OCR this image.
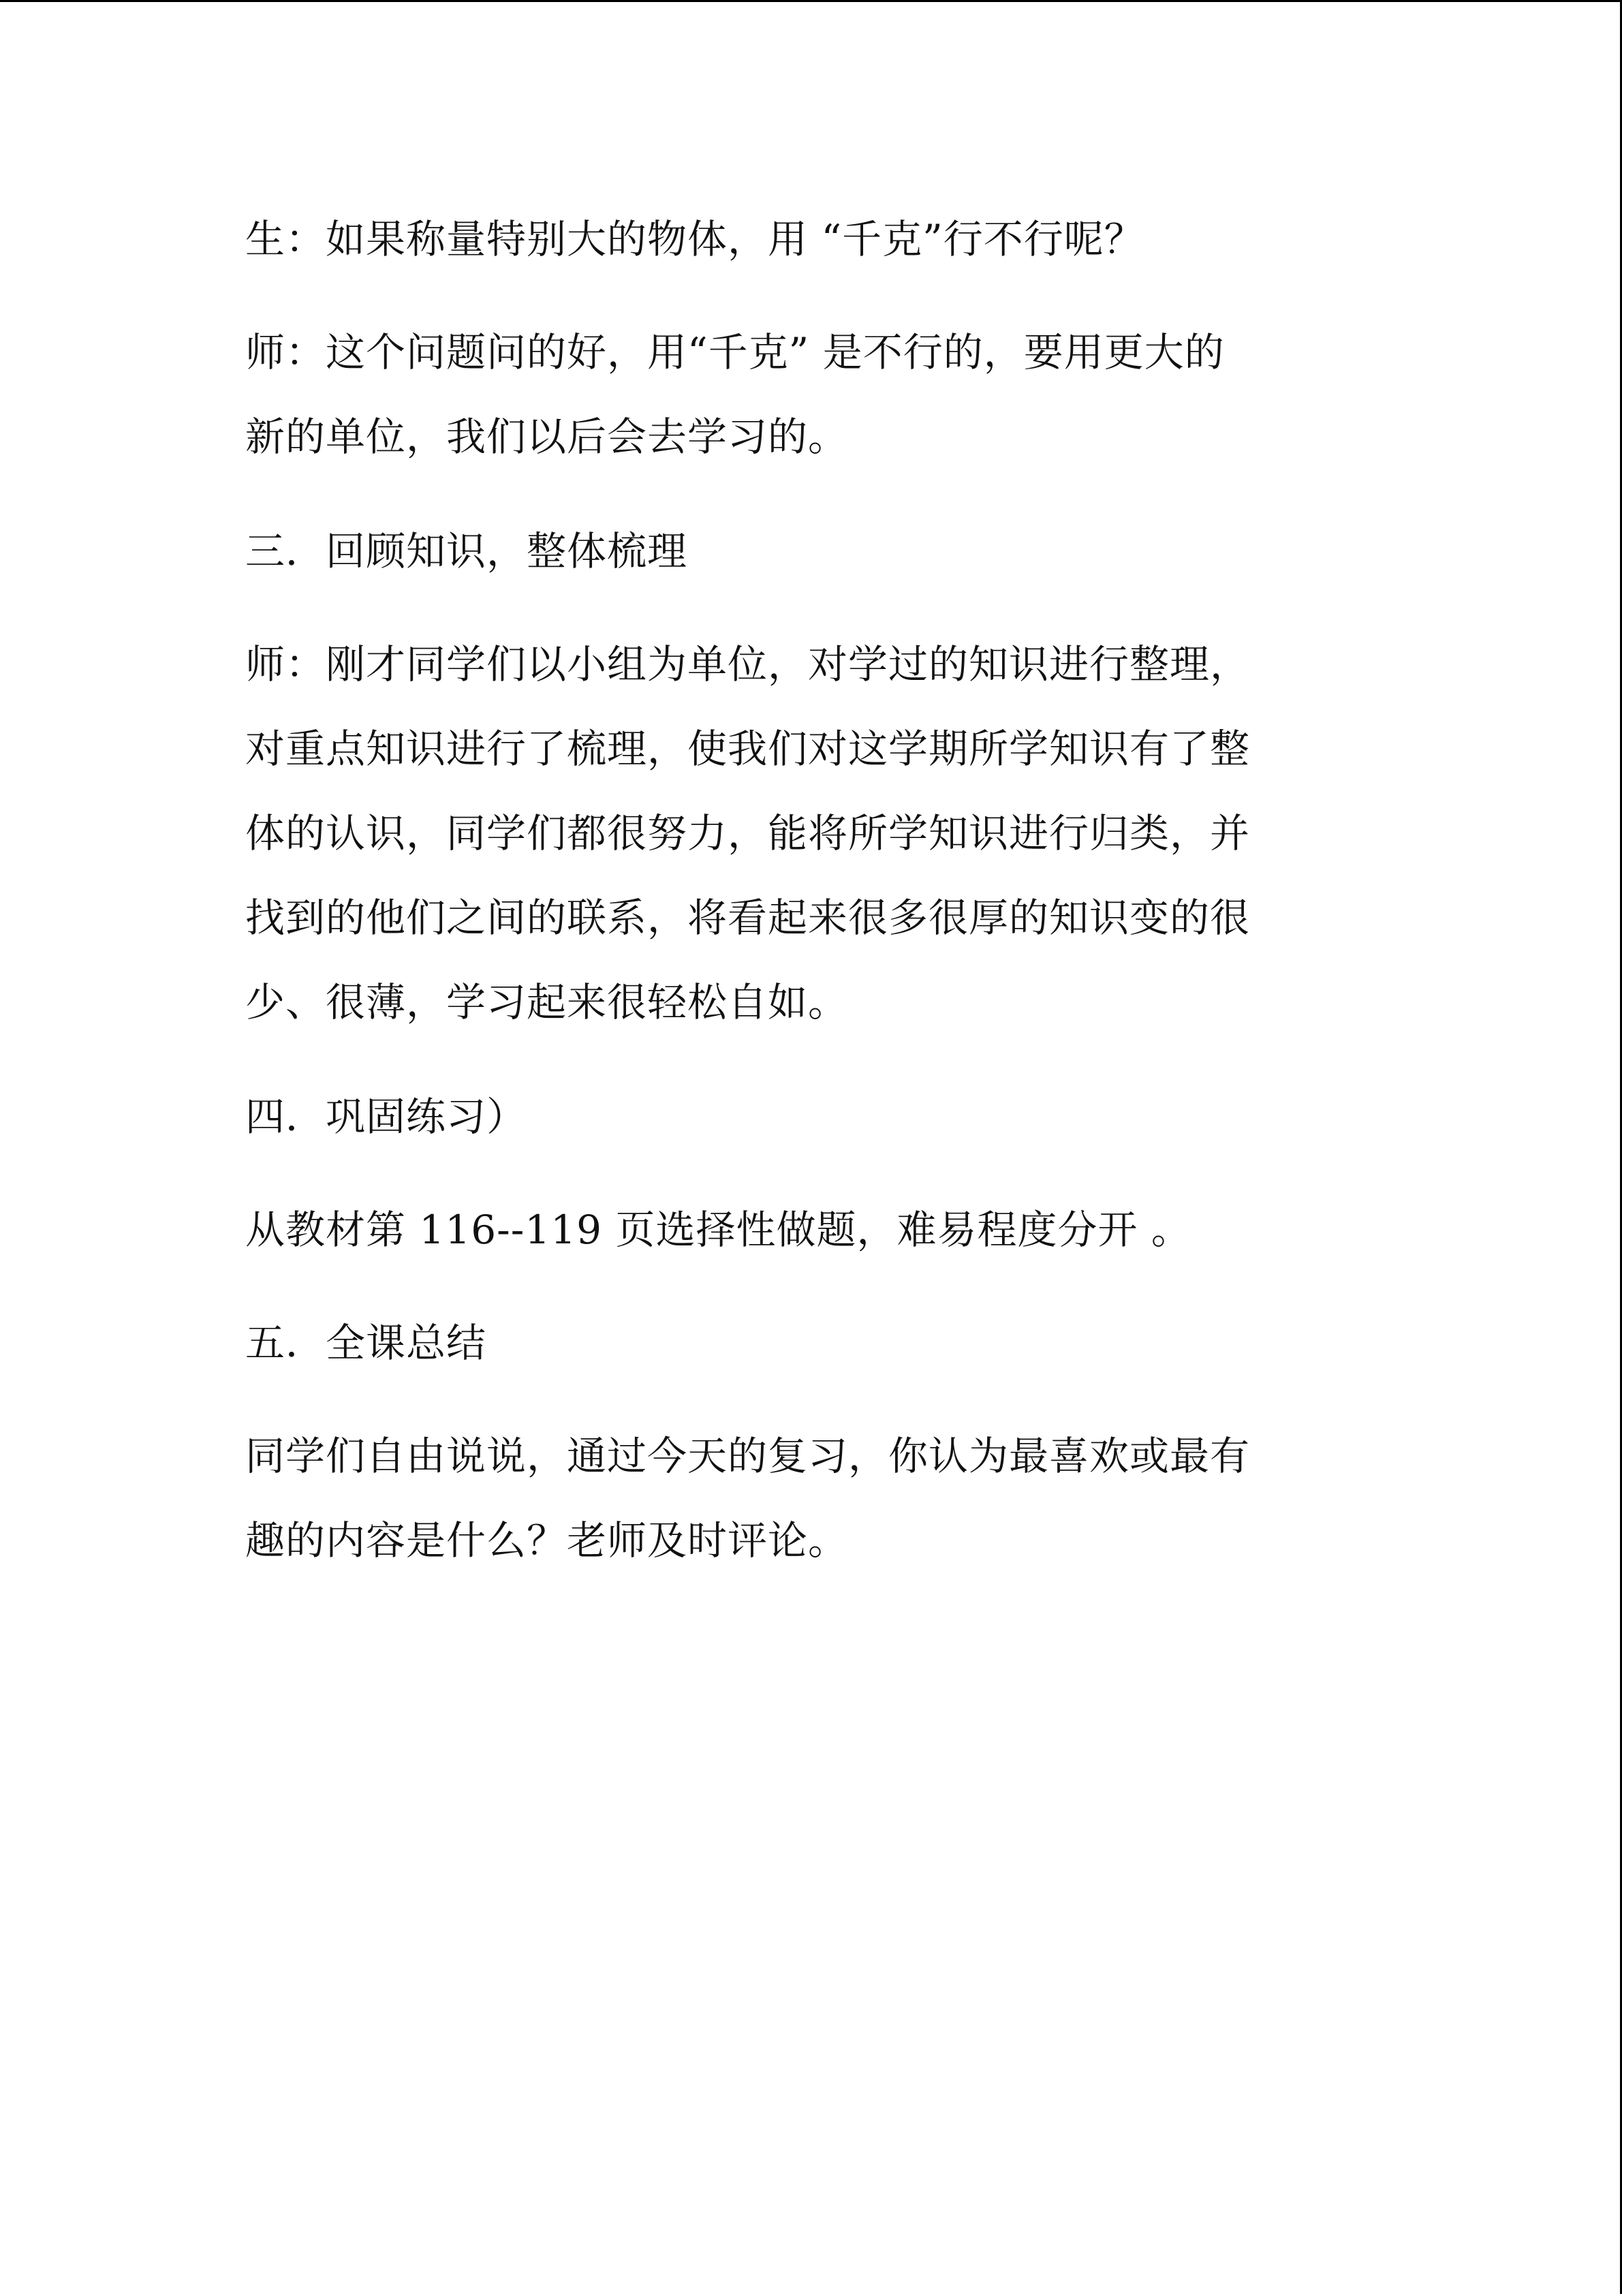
生：如果称量特别大的物体，用 “千克”行不行呢？

师：这个问题问的好，用“千克” 是不行的，要用更大的
新的单位，我们以后会去学习的。

三．回顾知识，整体梳理

师：刚才同学们以小组为单位，对学过的知识进行整理，
对重点知识进行了梳理，使我们对这学期所学知识有了整
体的认识，同学们都很努力，能将所学知识进行归类，并
找到的他们之间的联系，将看起来很多很厚的知识变的很
少、很薄，学习起来很轻松自如。

四．巩固练习）

从教材第 116--119 页选择性做题，难易程度分开 。

五．全课总结

同学们自由说说，通过今天的复习，你认为最喜欢或最有
趣的内容是什么？老师及时评论。
